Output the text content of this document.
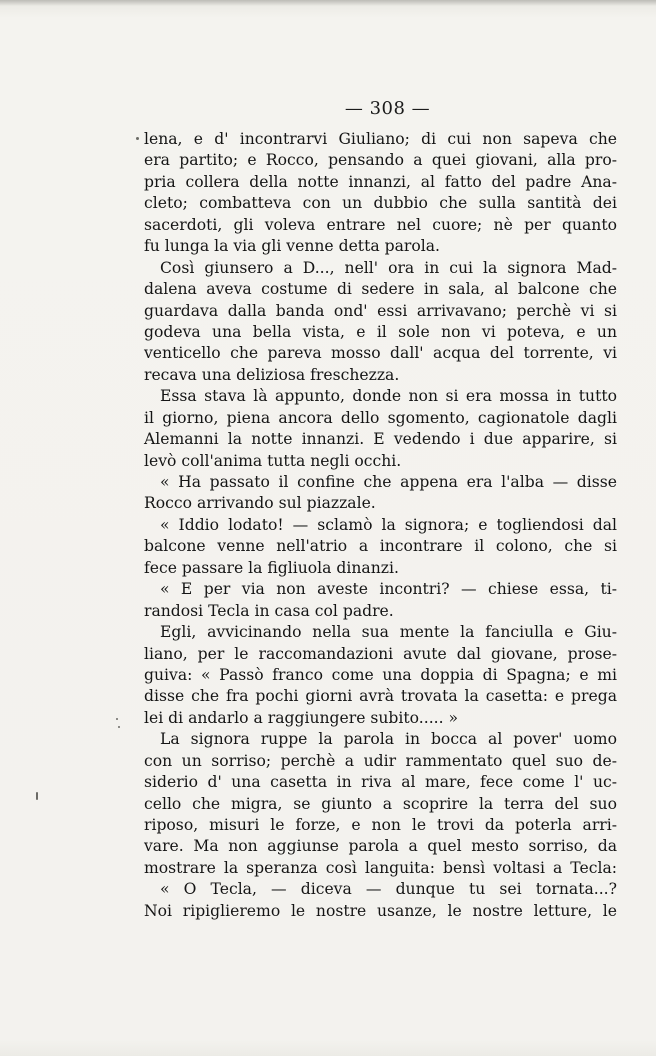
— 308 —
lena, e d' incontrarvi Giuliano; di cui non sapeva che
era partito; e Rocco, pensando a quei giovani, alla pro-
pria collera della notte innanzi, al fatto del padre Ana-
cleto; combatteva con un dubbio che sulla santità dei
sacerdoti, gli voleva entrare nel cuore; nè per quanto
fu lunga la via gli venne detta parola.
Così giunsero a D..., nell' ora in cui la signora Mad-
dalena aveva costume di sedere in sala, al balcone che
guardava dalla banda ond' essi arrivavano; perchè vi si
godeva una bella vista, e il sole non vi poteva, e un
venticello che pareva mosso dall' acqua del torrente, vi
recava una deliziosa freschezza.
Essa stava là appunto, donde non si era mossa in tutto
il giorno, piena ancora dello sgomento, cagionatole dagli
Alemanni la notte innanzi. E vedendo i due apparire, si
levò coll'anima tutta negli occhi.
« Ha passato il confine che appena era l'alba — disse
Rocco arrivando sul piazzale.
« Iddio lodato! — sclamò la signora; e togliendosi dal
balcone venne nell'atrio a incontrare il colono, che si
fece passare la figliuola dinanzi.
« E per via non aveste incontri? — chiese essa, ti-
randosi Tecla in casa col padre.
Egli, avvicinando nella sua mente la fanciulla e Giu-
liano, per le raccomandazioni avute dal giovane, prose-
guiva: « Passò franco come una doppia di Spagna; e mi
disse che fra pochi giorni avrà trovata la casetta: e prega
lei di andarlo a raggiungere subito..... »
La signora ruppe la parola in bocca al pover' uomo
con un sorriso; perchè a udir rammentato quel suo de-
siderio d' una casetta in riva al mare, fece come l' uc-
cello che migra, se giunto a scoprire la terra del suo
riposo, misuri le forze, e non le trovi da poterla arri-
vare. Ma non aggiunse parola a quel mesto sorriso, da
mostrare la speranza così languita: bensì voltasi a Tecla:
« O Tecla, — diceva — dunque tu sei tornata...?
Noi ripiglieremo le nostre usanze, le nostre letture, le
